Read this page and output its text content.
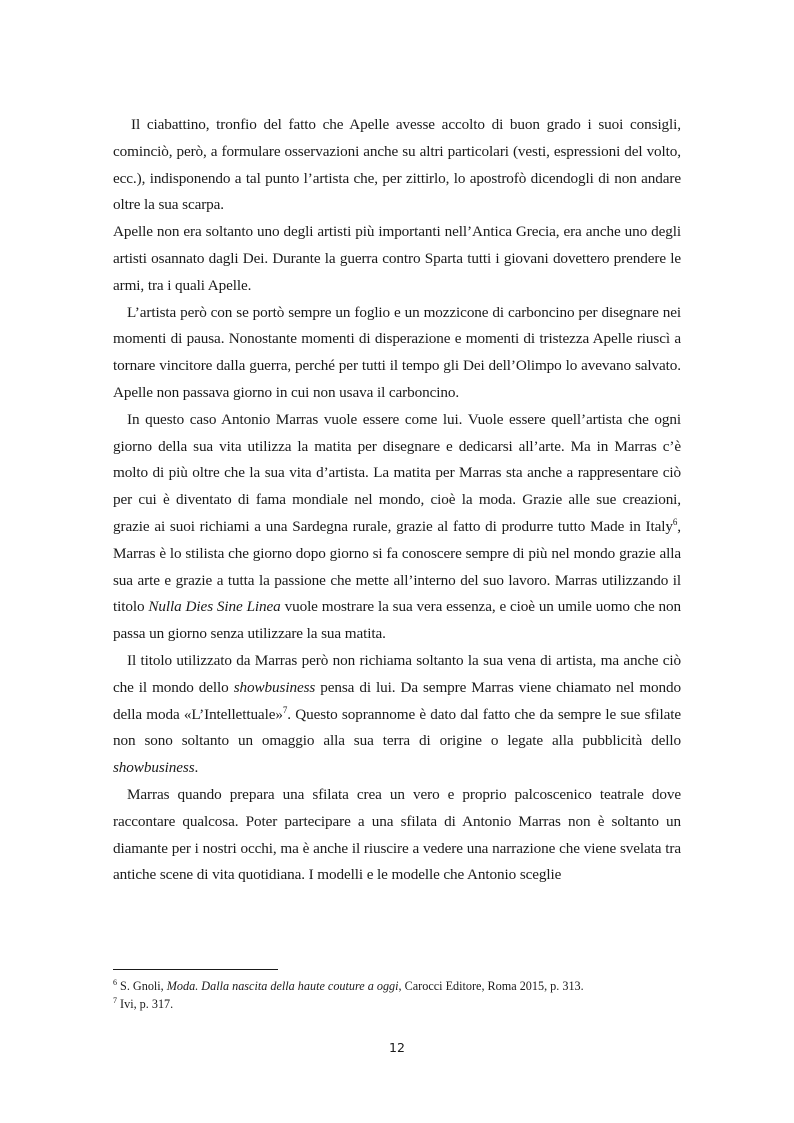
Il ciabattino, tronfio del fatto che Apelle avesse accolto di buon grado i suoi consigli, cominciò, però, a formulare osservazioni anche su altri particolari (vesti, espressioni del volto, ecc.), indisponendo a tal punto l’artista che, per zittirlo, lo apostrofò dicendogli di non andare oltre la sua scarpa.

Apelle non era soltanto uno degli artisti più importanti nell’Antica Grecia, era anche uno degli artisti osannato dagli Dei. Durante la guerra contro Sparta tutti i giovani dovettero prendere le armi, tra i quali Apelle.

L’artista però con se portò sempre un foglio e un mozzicone di carboncino per disegnare nei momenti di pausa. Nonostante momenti di disperazione e momenti di tristezza Apelle riuscì a tornare vincitore dalla guerra, perché per tutti il tempo gli Dei dell’Olimpo lo avevano salvato. Apelle non passava giorno in cui non usava il carboncino.

In questo caso Antonio Marras vuole essere come lui. Vuole essere quell’artista che ogni giorno della sua vita utilizza la matita per disegnare e dedicarsi all’arte. Ma in Marras c’è molto di più oltre che la sua vita d’artista. La matita per Marras sta anche a rappresentare ciò per cui è diventato di fama mondiale nel mondo, cioè la moda. Grazie alle sue creazioni, grazie ai suoi richiami a una Sardegna rurale, grazie al fatto di produrre tutto Made in Italy$^6$, Marras è lo stilista che giorno dopo giorno si fa conoscere sempre di più nel mondo grazie alla sua arte e grazie a tutta la passione che mette all’interno del suo lavoro. Marras utilizzando il titolo Nulla Dies Sine Linea vuole mostrare la sua vera essenza, e cioè un umile uomo che non passa un giorno senza utilizzare la sua matita.

Il titolo utilizzato da Marras però non richiama soltanto la sua vena di artista, ma anche ciò che il mondo dello showbusiness pensa di lui. Da sempre Marras viene chiamato nel mondo della moda «L’Intellettuale»$^7$. Questo soprannome è dato dal fatto che da sempre le sue sfilate non sono soltanto un omaggio alla sua terra di origine o legate alla pubblicità dello showbusiness.

Marras quando prepara una sfilata crea un vero e proprio palcoscenico teatrale dove raccontare qualcosa. Poter partecipare a una sfilata di Antonio Marras non è soltanto un diamante per i nostri occhi, ma è anche il riuscire a vedere una narrazione che viene svelata tra antiche scene di vita quotidiana. I modelli e le modelle che Antonio sceglie

$^6$ S. Gnoli, Moda. Dalla nascita della haute couture a oggi, Carocci Editore, Roma 2015, p. 313.

$^7$ Ivi, p. 317.

12
